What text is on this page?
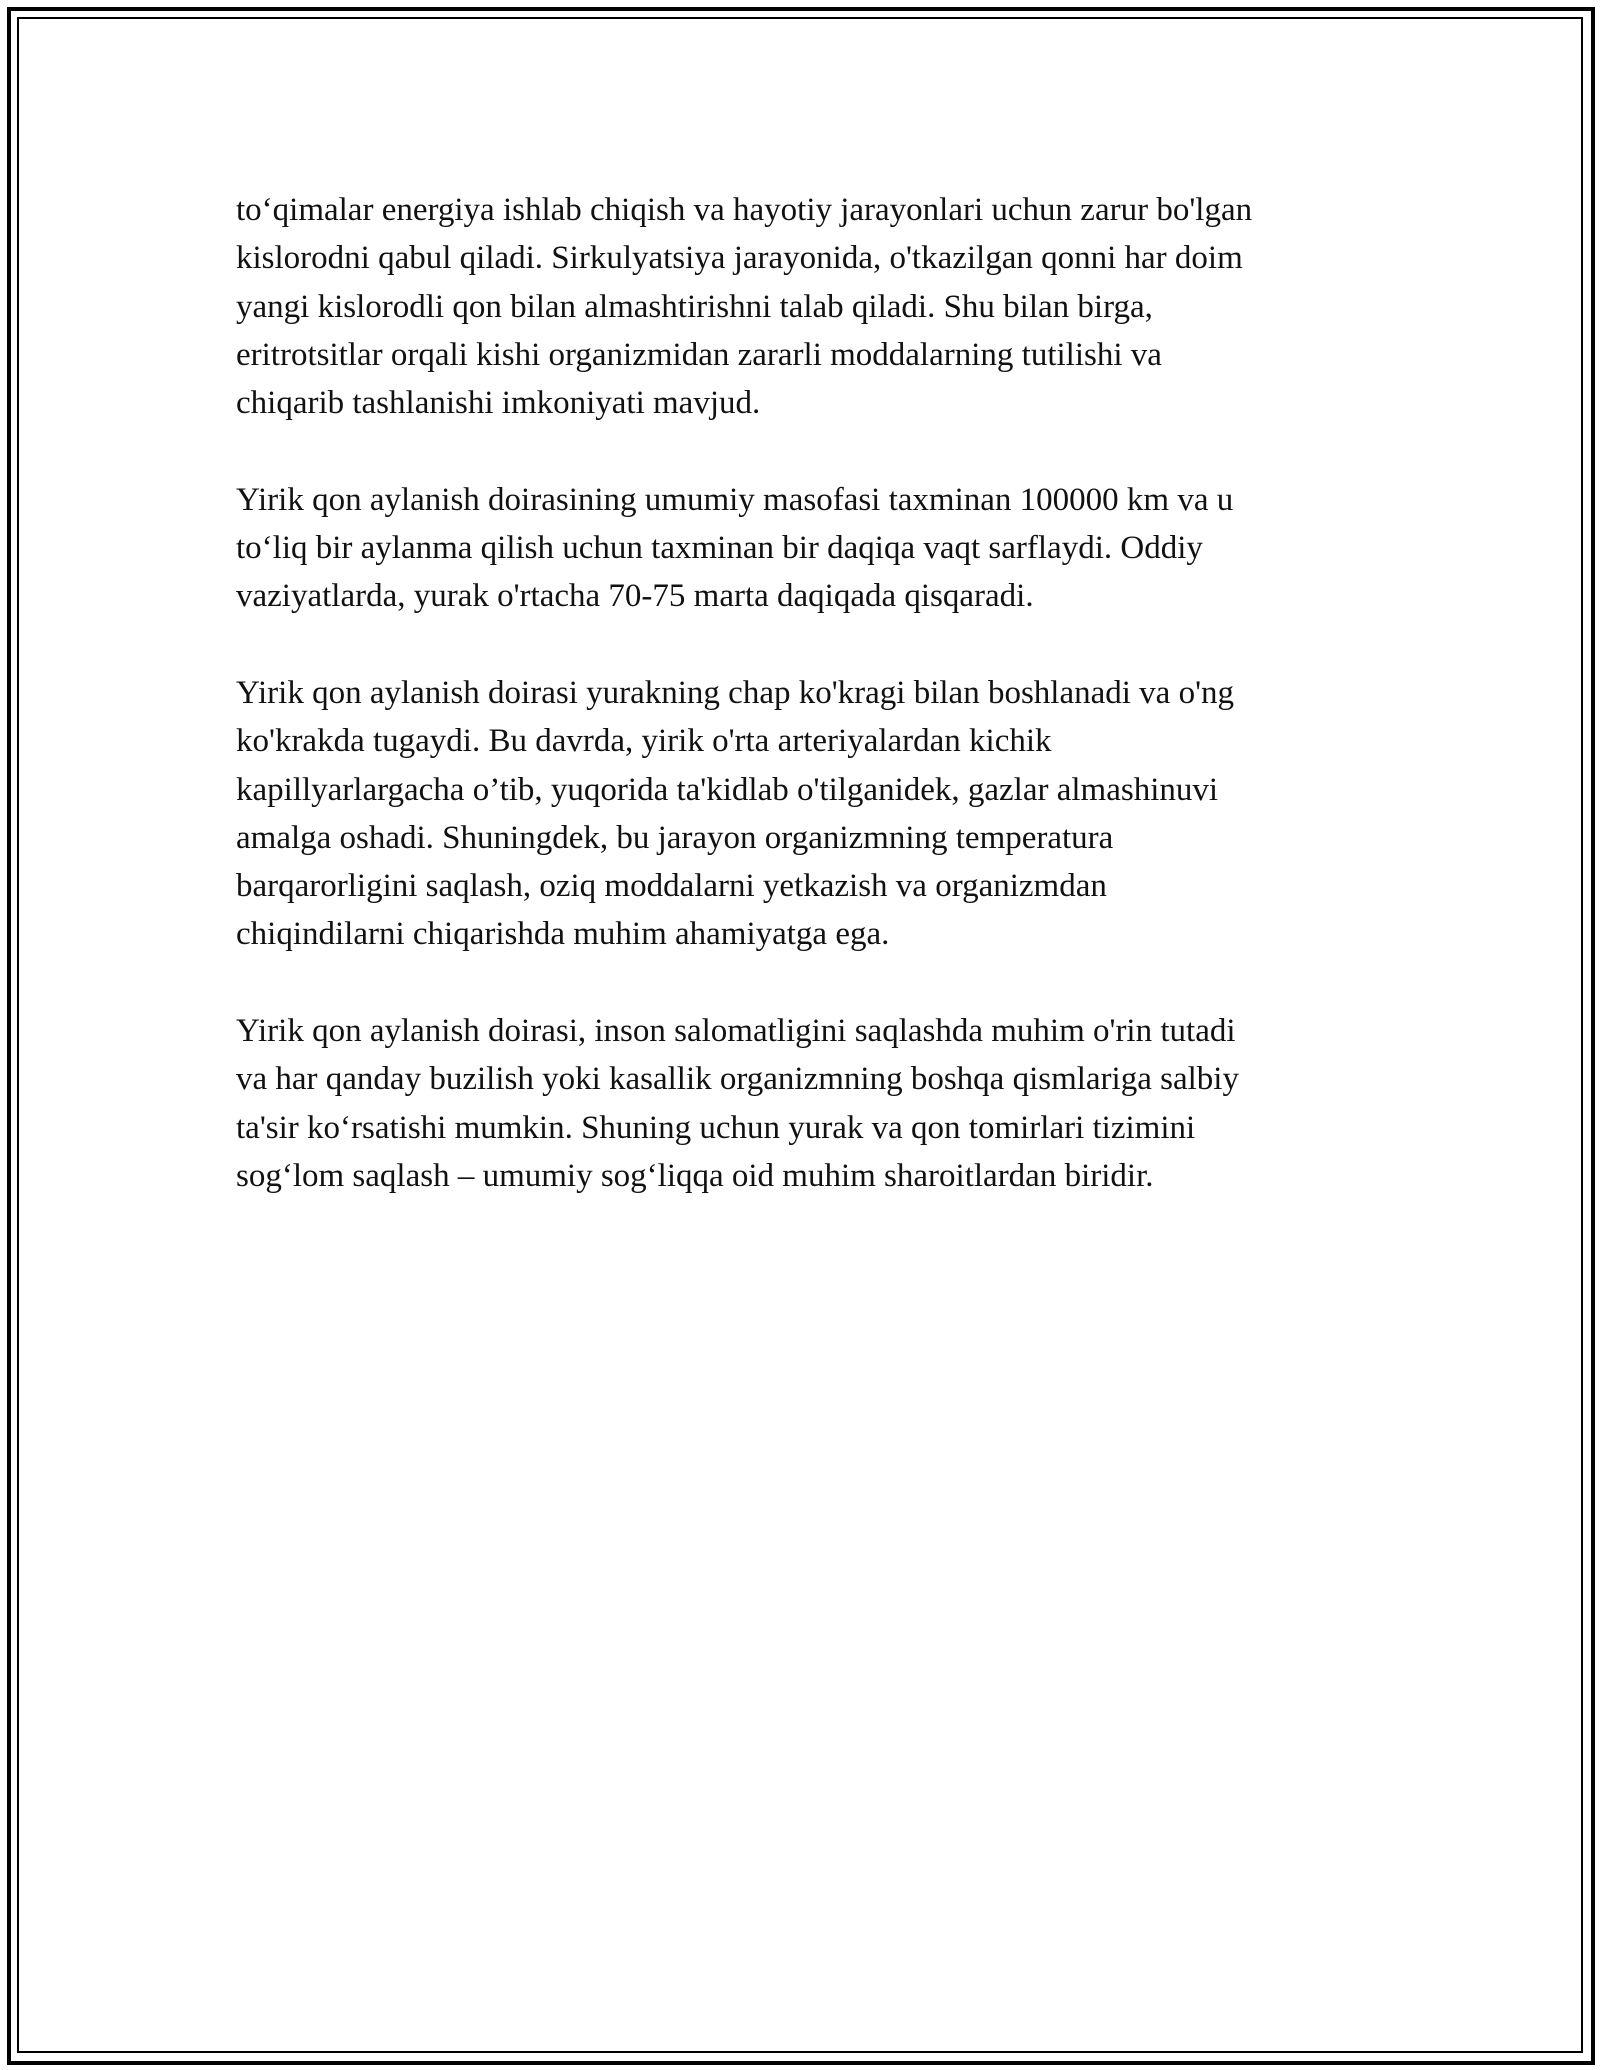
to‘qimalar energiya ishlab chiqish va hayotiy jarayonlari uchun zarur bo'lgan
kislorodni qabul qiladi. Sirkulyatsiya jarayonida, o'tkazilgan qonni har doim
yangi kislorodli qon bilan almashtirishni talab qiladi. Shu bilan birga,
eritrotsitlar orqali kishi organizmidan zararli moddalarning tutilishi va
chiqarib tashlanishi imkoniyati mavjud.

Yirik qon aylanish doirasining umumiy masofasi taxminan 100000 km va u
to‘liq bir aylanma qilish uchun taxminan bir daqiqa vaqt sarflaydi. Oddiy
vaziyatlarda, yurak o'rtacha 70-75 marta daqiqada qisqaradi.

Yirik qon aylanish doirasi yurakning chap ko'kragi bilan boshlanadi va o'ng
ko'krakda tugaydi. Bu davrda, yirik o'rta arteriyalardan kichik
kapillyarlargacha o’tib, yuqorida ta'kidlab o'tilganidek, gazlar almashinuvi
amalga oshadi. Shuningdek, bu jarayon organizmning temperatura
barqarorligini saqlash, oziq moddalarni yetkazish va organizmdan
chiqindilarni chiqarishda muhim ahamiyatga ega.

Yirik qon aylanish doirasi, inson salomatligini saqlashda muhim o'rin tutadi
va har qanday buzilish yoki kasallik organizmning boshqa qismlariga salbiy
ta'sir ko‘rsatishi mumkin. Shuning uchun yurak va qon tomirlari tizimini
sog‘lom saqlash – umumiy sog‘liqqa oid muhim sharoitlardan biridir.
